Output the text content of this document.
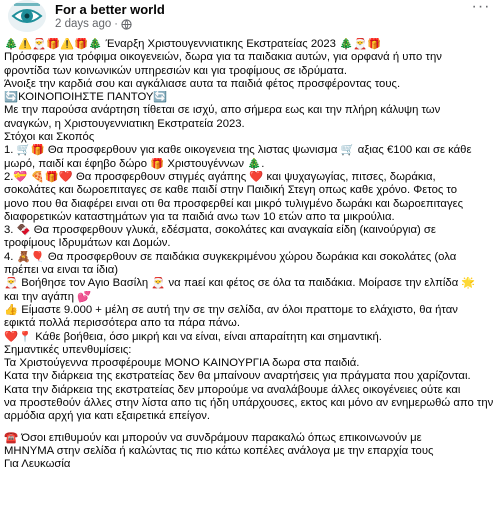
For a better world
2 days ago ·
···
🎄⚠️🎅🎁⚠️🎁🎄 Έναρξη Χριστουγεννιατικης Εκστρατείας 2023 🎄🎅🎁
Πρόσφερε για τρόφιμα οικογενειών, δωρα για τα παιδακια αυτών, για ορφανά ή υπο την
φροντίδα των κοινωνικών υπηρεσιών και για τροφίμους σε ιδρύματα.
Άνοιξε την καρδιά σου και αγκάλιασε αυτα τα παιδιά φέτος προσφέροντας τους.
🔄ΚΟΙΝΟΠΟΙΗΣΤΕ ΠΑΝΤΟΥ🔄
Με την παρούσα ανάρτηση τίθεται σε ισχύ, απο σήμερα εως και την πλήρη κάλυψη των
αναγκών, η Χριστουγεννιατικη Εκστρατεία 2023.
Στόχοι και Σκοπός
1. 🛒🎁 Θα προσφερθουν για καθε οικογενεια της λιστας ψωνισμα 🛒 αξιας €100 και σε κάθε
μωρό, παιδί και έφηβο δώρο 🎁 Χριστουγέννων 🎄.
2.💝 🍕🎁❤️ Θα προσφερθουν στιγμές αγάπης ❤️ και ψυχαγωγίας, πιτσες, δωράκια,
σοκολάτες και δωροεπιταγες σε καθε παιδί στην Παιδική Στεγη οπως καθε χρόνο. Φετος το
μονο που θα διαφέρει ειναι οτι θα προσφερθεί και μικρό τυλιγμένο δωράκι και δωροεπιταγες
διαφορετικών καταστημάτων για τα παιδιά ανω των 10 ετών απο τα μικρούλια.
3. 🍫 Θα προσφερθουν γλυκά, εδέσματα, σοκολάτες και αναγκαία είδη (καινούργια) σε
τροφίμους Ιδρυμάτων και Δομών.
4. 🧸🎈 Θα προσφερθουν σε παιδάκια συγκεκριμένου χώρου δωράκια και σοκολάτες (ολα
πρέπει να ειναι τα ίδια)
🎅 Βοήθησε τον Αγιο Βασίλη 🎅 να πaεί και φέτος σε όλα τα παιδάκια. Μοίρασε την ελπίδα 🌟
και την αγάπη 💕
👍 Είμαστε 9.000 + μέλη σε αυτή την σε την σελίδα, αν όλοι πραττομε το ελάχιστο, θα ήταν
εφικτά πολλά περισσότερα απο τα πάρα πάνω.
❤️📍 Κάθε βοήθεια, όσο μικρή και να είναι, είναι απαραίτητη και σημαντική.
Σημαντικές υπενθυμίσεις:
Τα Χριστούγεννα προσφέρουμε ΜΟΝΟ ΚΑΙΝΟΥΡΓΙΑ δωρα στα παιδιά.
Κατα την διάρκεια της εκστρατείας δεν θα μπαίνουν αναρτήσεις για πράγματα που χαρίζονται.
Κατα την διάρκεια της εκστρατείας δεν μπορούμε να αναλάβουμε άλλες οικογένειες ούτε και
να προστεθούν άλλες στην λίστα απο τις ήδη υπάρχουσες, εκτος και μόνο αν ενημερωθώ απο την
αρμόδια αρχή για κατι εξαιρετικά επείγον.
☎️ Όσοι επιθυμούν και μπορούν να συνδράμουν παρακαλώ όπως επικοινωνούν με
ΜΗΝΥΜΑ στην σελίδα ή καλώντας τις πιο κάτω κοπέλες ανάλογα με την επαρχία τους
Για Λευκωσία
